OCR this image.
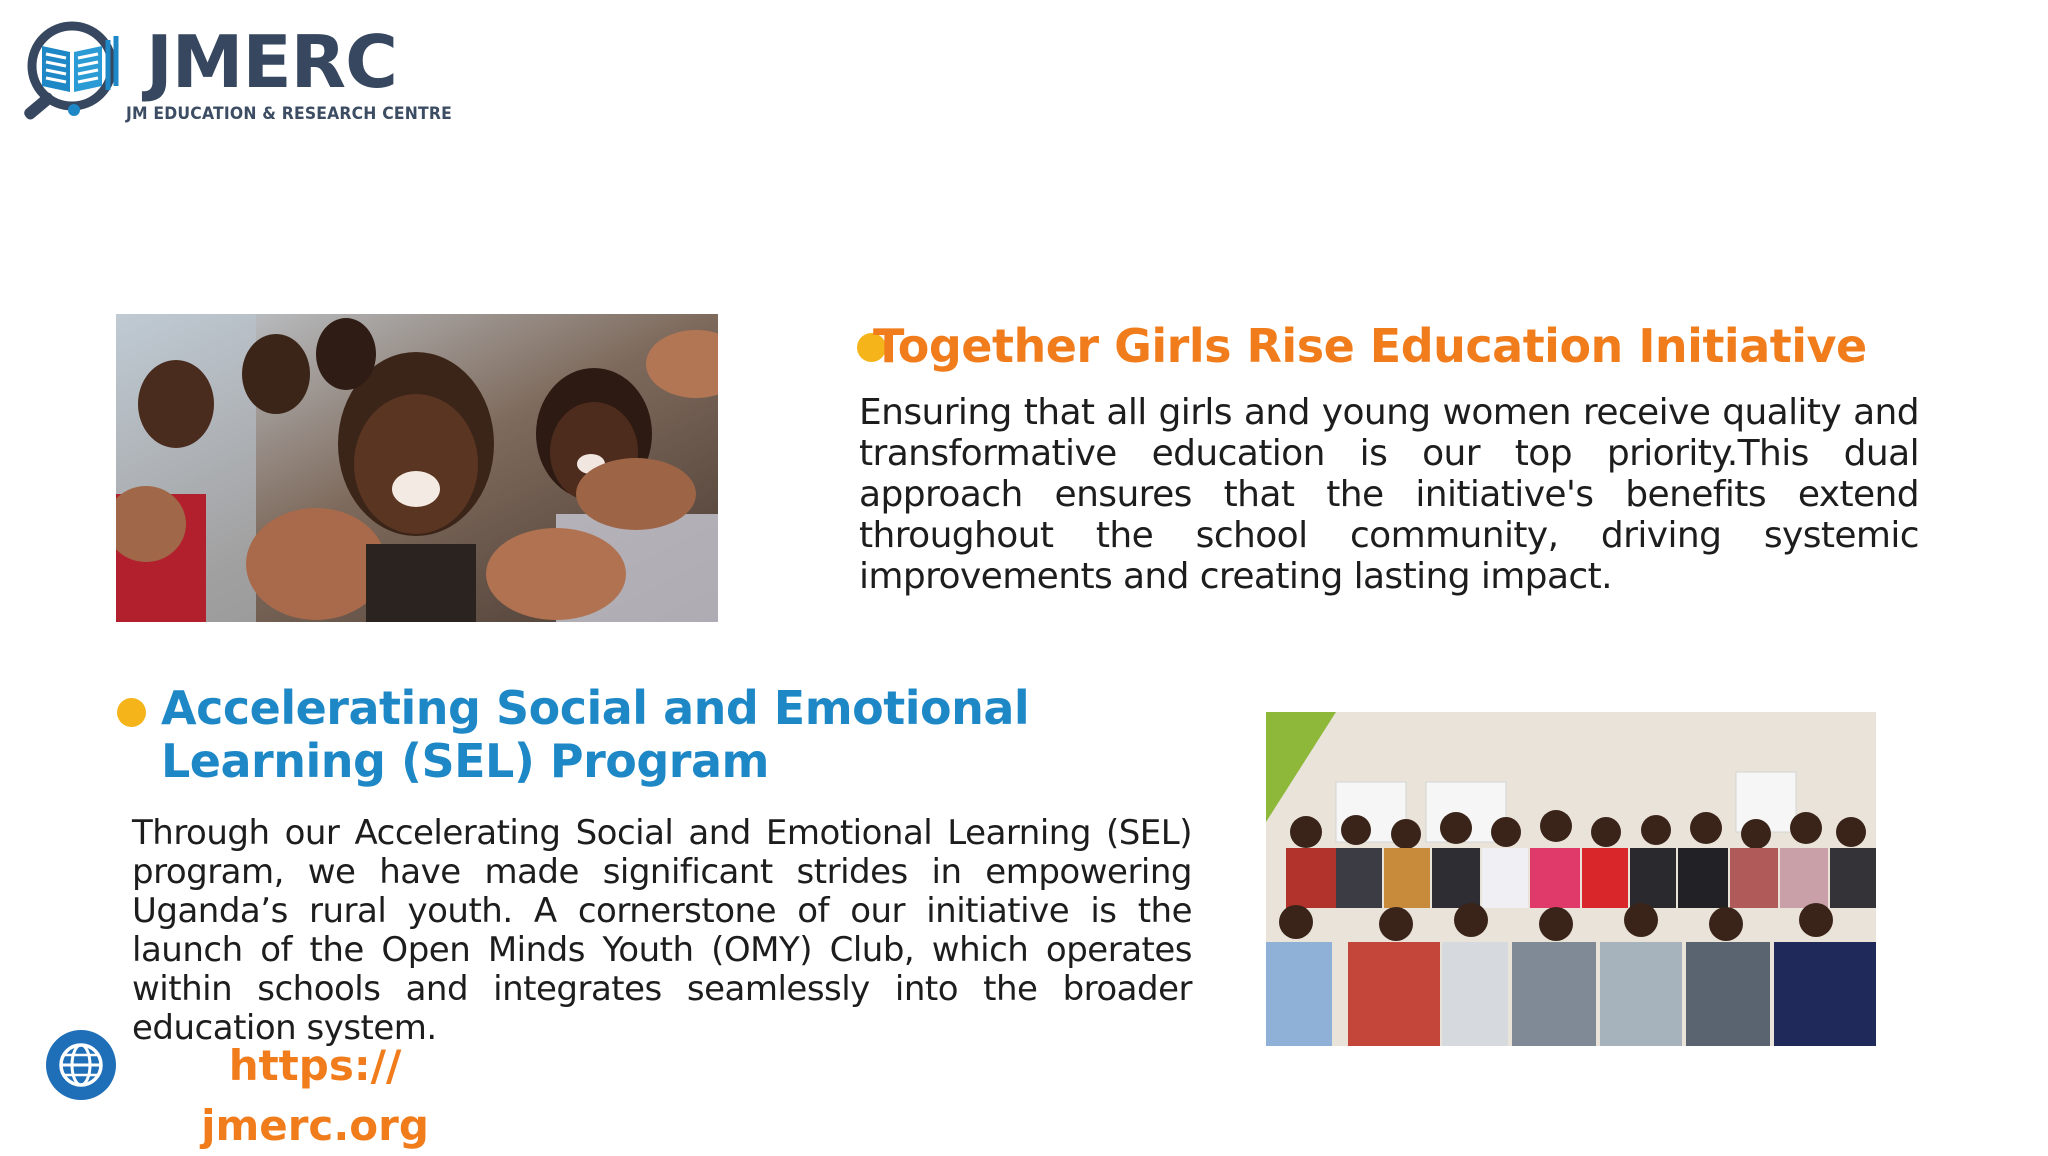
JMERC
JM EDUCATION & RESEARCH CENTRE
Together Girls Rise Education Initiative
Ensuring that all girls and young women receive quality and transformative education is our top priority.This dual approach ensures that the initiative's benefits extend throughout the school community, driving systemic improvements and creating lasting impact.
Accelerating Social and Emotional Learning (SEL) Program
Through our Accelerating Social and Emotional Learning (SEL) program, we have made significant strides in empowering Uganda’s rural youth. A cornerstone of our initiative is the launch of the Open Minds Youth (OMY) Club, which operates within schools and integrates seamlessly into the broader education system.
https://
jmerc.org
